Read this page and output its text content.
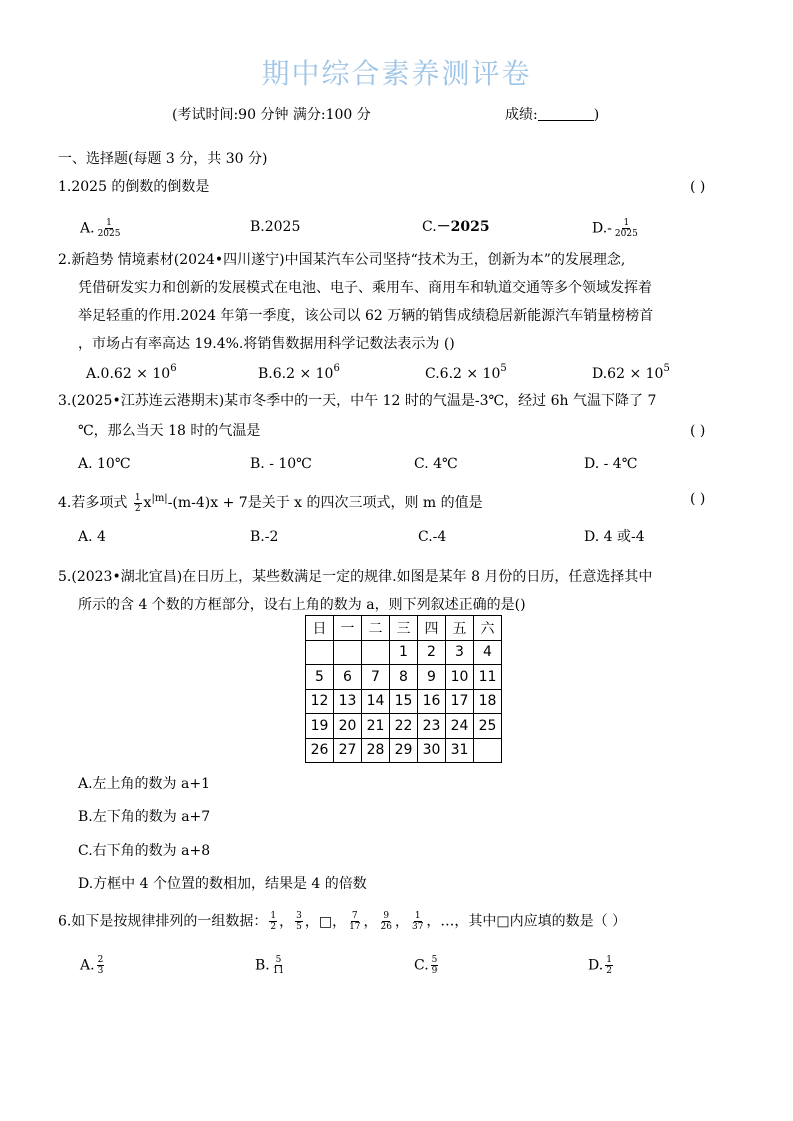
期中综合素养测评卷
(考试时间:90 分钟 满分:100 分	成绩:	)
一、选择题(每题 3 分，共 30 分)
1.2025 的倒数的倒数是	( )
A. $\frac{1}{2025}$	B.2025	C.－2025	$D.- \frac{1}{2025}$
2.新趋势 情境素材(2024•四川遂宁)中国某汽车公司坚持“技术为王，创新为本”的发展理念,
凭借研发实力和创新的发展模式在电池、电子、乘用车、商用车和轨道交通等多个领域发挥着
举足轻重的作用.2024 年第一季度，该公司以 62 万辆的销售成绩稳居新能源汽车销量榜榜首
，市场占有率高达 19.4%.将销售数据用科学记数法表示为 ()
$A.0.62 \times 10^6$	$B.6.2 \times 10^6$	$C.6.2 \times 10^5$	$D.62 \times 10^5$
3.(2025•江苏连云港期末)某市冬季中的一天，中午 12 时的气温是-3℃，经过 6h 气温下降了 7
℃，那么当天 18 时的气温是	( )
A. 10℃	B. - 10℃	C. 4℃	D. - 4℃
4.若多项式 $\frac{1}{2} x^{|m|}-(m-4)x + 7$是关于 x 的四次三项式，则 m 的值是	( )
A. 4	B.-2	C.-4	D. 4 或-4
5.(2023•湖北宜昌)在日历上，某些数满足一定的规律.如图是某年 8 月份的日历，任意选择其中
所示的含 4 个数的方框部分，设右上角的数为 a，则下列叙述正确的是()
日	一	二	三	四	五	六
			1	2	3	4
5	6	7	8	9	10	11
12	13	14	15	16	17	18
19	20	21	22	23	24	25
26	27	28	29	30	31	
A.左上角的数为 a+1
B.左下角的数为 a+7
C.右下角的数为 a+8
D.方框中 4 个位置的数相加，结果是 4 的倍数
6.如下是按规律排列的一组数据： $\frac{1}{2}$ ， $\frac{3}{5}$ ，□， $\frac{7}{17}$ ， $\frac{9}{26}$ ， $\frac{1}{37}$ ，…，其中□内应填的数是（ ）
A. $\frac{2}{3}$	B. $\frac{5}{11}$	C. $\frac{5}{9}$	D. $\frac{1}{2}$
